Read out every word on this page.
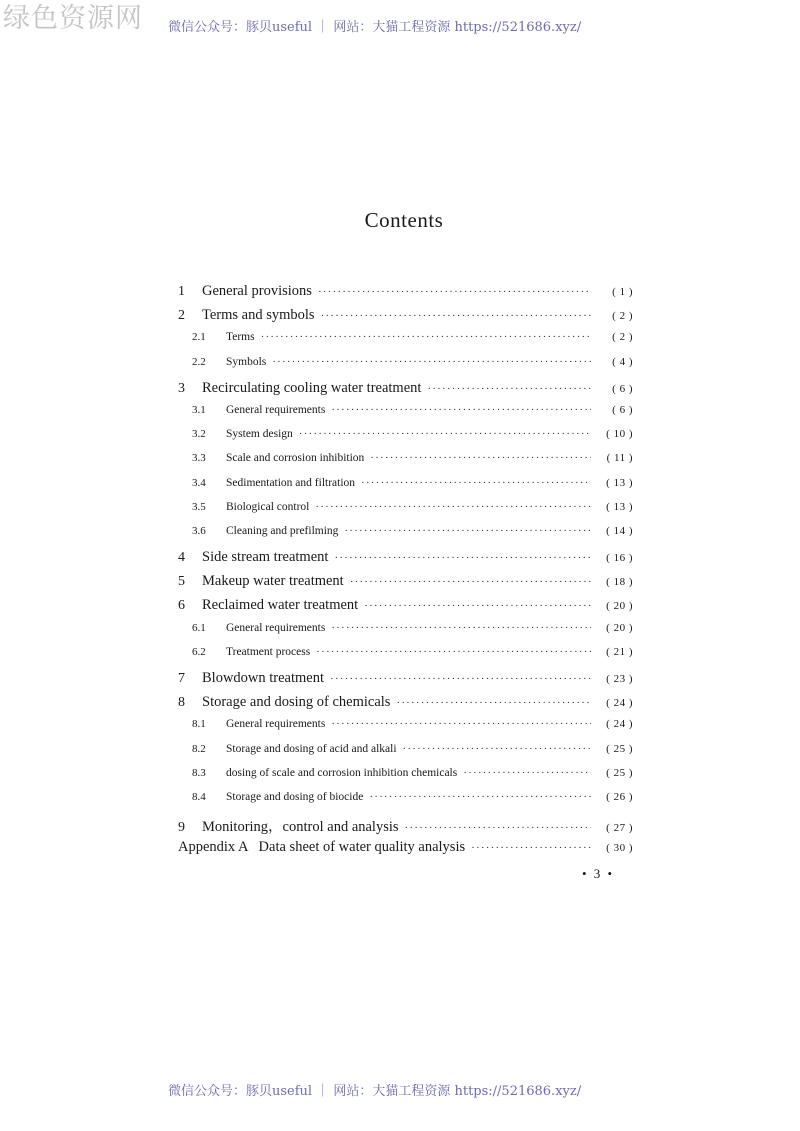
绿色资源网 微信公众号：豚贝useful ｜ 网站：大猫工程资源 https://521686.xyz/
Contents
1	General provisions ·····	( 1 )
2	Terms and symbols ·····	( 2 )
2.1	Terms ·····	( 2 )
2.2	Symbols ·····	( 4 )
3	Recirculating cooling water treatment ·····	( 6 )
3.1	General requirements ·····	( 6 )
3.2	System design ·····	( 10 )
3.3	Scale and corrosion inhibition ·····	( 11 )
3.4	Sedimentation and filtration ·····	( 13 )
3.5	Biological control ·····	( 13 )
3.6	Cleaning and prefilming ·····	( 14 )
4	Side stream treatment ·····	( 16 )
5	Makeup water treatment ·····	( 18 )
6	Reclaimed water treatment ·····	( 20 )
6.1	General requirements ·····	( 20 )
6.2	Treatment process ·····	( 21 )
7	Blowdown treatment ·····	( 23 )
8	Storage and dosing of chemicals ·····	( 24 )
8.1	General requirements ·····	( 24 )
8.2	Storage and dosing of acid and alkali ·····	( 25 )
8.3	dosing of scale and corrosion inhibition chemicals ·····	( 25 )
8.4	Storage and dosing of biocide ·····	( 26 )
9	Monitoring，control and analysis ·····	( 27 )
Appendix A   Data sheet of water quality analysis ·····	( 30 )
• 3 •
微信公众号：豚贝useful ｜ 网站：大猫工程资源 https://521686.xyz/
